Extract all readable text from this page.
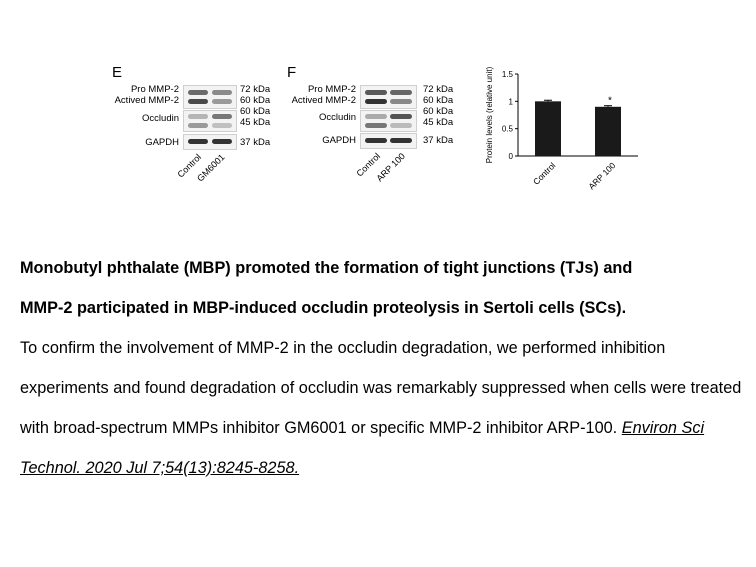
E
Pro MMP-2
Actived MMP-2
Occludin
GAPDH
72 kDa
60 kDa
60 kDa
45 kDa
37 kDa
Control
GM6001
F
Pro MMP-2
Actived MMP-2
Occludin
GAPDH
72 kDa
60 kDa
60 kDa
45 kDa
37 kDa
Control
ARP 100	0
0.5
1
1.5
Protein levels (relative unit)
Control
*
ARP 100
Monobutyl phthalate (MBP) promoted the formation of tight junctions (TJs) and
MMP-2 participated in MBP-induced occludin proteolysis in Sertoli cells (SCs).
To confirm the involvement of MMP-2 in the occludin degradation, we performed inhibition experiments and found degradation of occludin was remarkably suppressed when cells were treated with broad-spectrum MMPs inhibitor GM6001 or specific MMP-2 inhibitor ARP-100. Environ Sci Technol. 2020 Jul 7;54(13):8245-8258.
